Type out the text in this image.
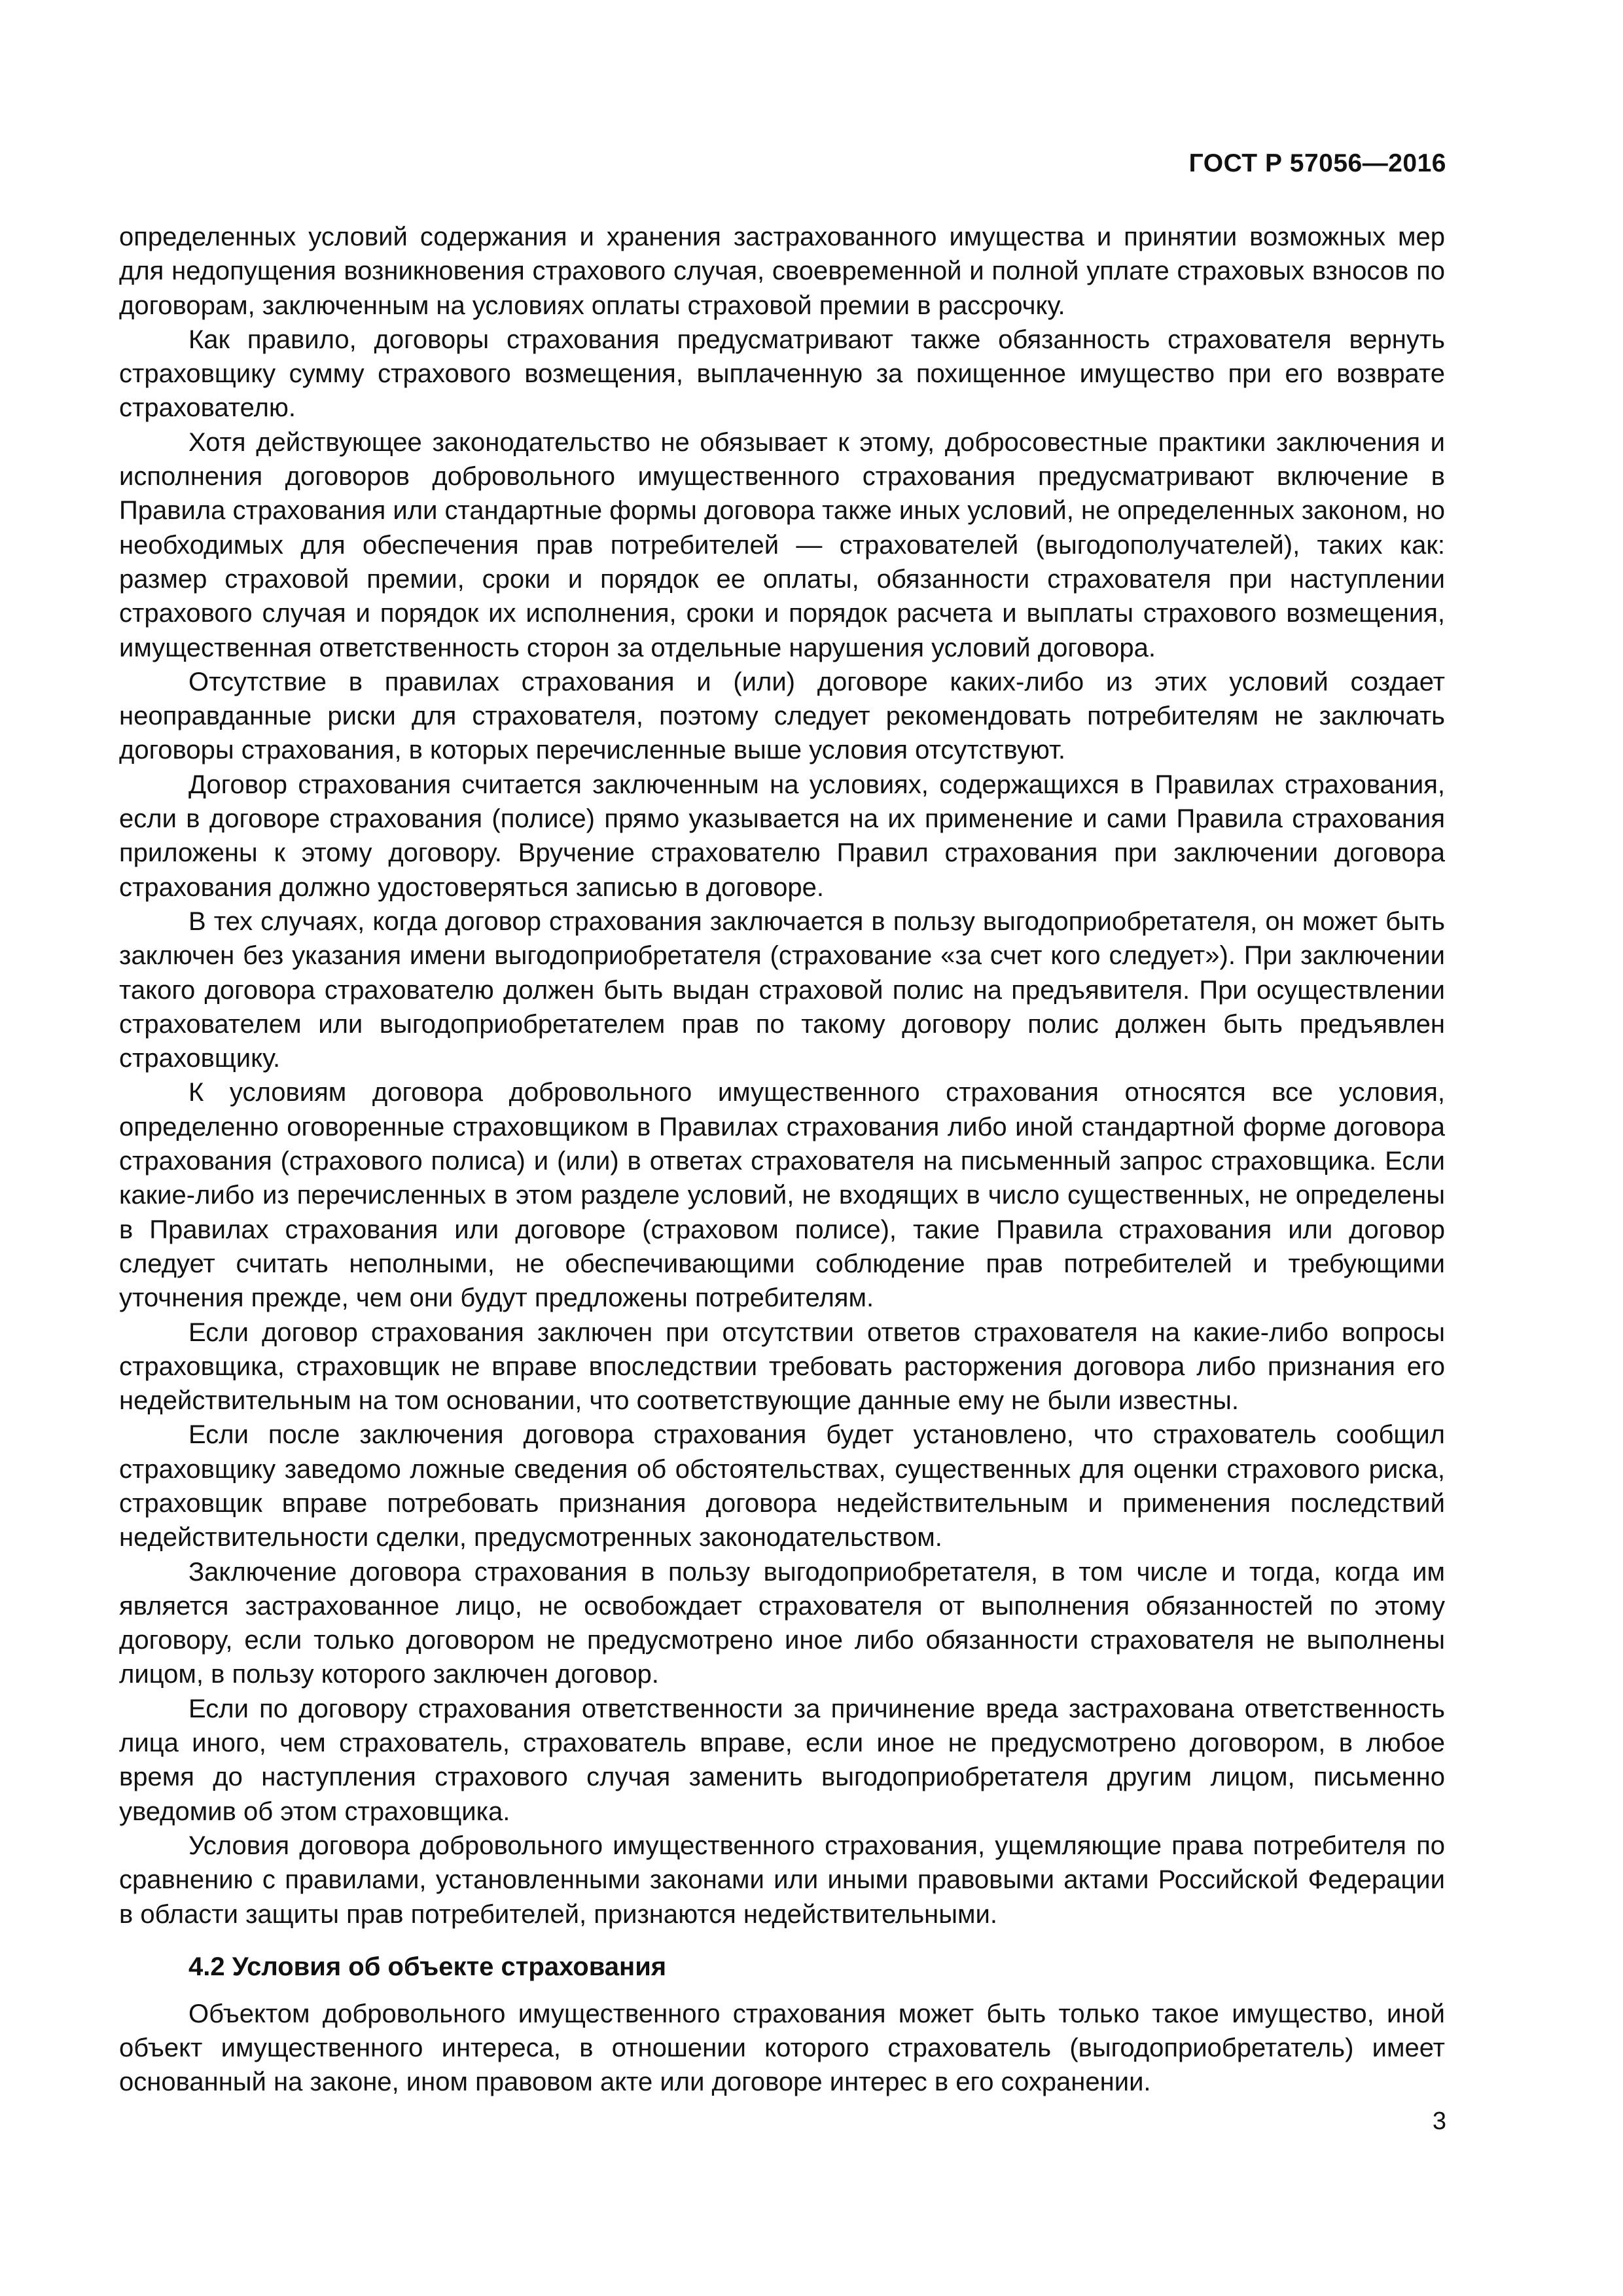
ГОСТ Р 57056—2016

определенных условий содержания и хранения застрахованного имущества и принятии возможных мер для недопущения возникновения страхового случая, своевременной и полной уплате страховых взносов по договорам, заключенным на условиях оплаты страховой премии в рассрочку.

Как правило, договоры страхования предусматривают также обязанность страхователя вернуть страховщику сумму страхового возмещения, выплаченную за похищенное имущество при его возврате страхователю.

Хотя действующее законодательство не обязывает к этому, добросовестные практики заключения и исполнения договоров добровольного имущественного страхования предусматривают включение в Правила страхования или стандартные формы договора также иных условий, не определенных законом, но необходимых для обеспечения прав потребителей — страхователей (выгодополучателей), таких как: размер страховой премии, сроки и порядок ее оплаты, обязанности страхователя при наступлении страхового случая и порядок их исполнения, сроки и порядок расчета и выплаты страхового возмещения, имущественная ответственность сторон за отдельные нарушения условий договора.

Отсутствие в правилах страхования и (или) договоре каких-либо из этих условий создает неоправданные риски для страхователя, поэтому следует рекомендовать потребителям не заключать договоры страхования, в которых перечисленные выше условия отсутствуют.

Договор страхования считается заключенным на условиях, содержащихся в Правилах страхования, если в договоре страхования (полисе) прямо указывается на их применение и сами Правила страхования приложены к этому договору. Вручение страхователю Правил страхования при заключении договора страхования должно удостоверяться записью в договоре.

В тех случаях, когда договор страхования заключается в пользу выгодоприобретателя, он может быть заключен без указания имени выгодоприобретателя (страхование «за счет кого следует»). При заключении такого договора страхователю должен быть выдан страховой полис на предъявителя. При осуществлении страхователем или выгодоприобретателем прав по такому договору полис должен быть предъявлен страховщику.

К условиям договора добровольного имущественного страхования относятся все условия, определенно оговоренные страховщиком в Правилах страхования либо иной стандартной форме договора страхования (страхового полиса) и (или) в ответах страхователя на письменный запрос страховщика. Если какие-либо из перечисленных в этом разделе условий, не входящих в число существенных, не определены в Правилах страхования или договоре (страховом полисе), такие Правила страхования или договор следует считать неполными, не обеспечивающими соблюдение прав потребителей и требующими уточнения прежде, чем они будут предложены потребителям.

Если договор страхования заключен при отсутствии ответов страхователя на какие-либо вопросы страховщика, страховщик не вправе впоследствии требовать расторжения договора либо признания его недействительным на том основании, что соответствующие данные ему не были известны.

Если после заключения договора страхования будет установлено, что страхователь сообщил страховщику заведомо ложные сведения об обстоятельствах, существенных для оценки страхового риска, страховщик вправе потребовать признания договора недействительным и применения последствий недействительности сделки, предусмотренных законодательством.

Заключение договора страхования в пользу выгодоприобретателя, в том числе и тогда, когда им является застрахованное лицо, не освобождает страхователя от выполнения обязанностей по этому договору, если только договором не предусмотрено иное либо обязанности страхователя не выполнены лицом, в пользу которого заключен договор.

Если по договору страхования ответственности за причинение вреда застрахована ответственность лица иного, чем страхователь, страхователь вправе, если иное не предусмотрено договором, в любое время до наступления страхового случая заменить выгодоприобретателя другим лицом, письменно уведомив об этом страховщика.

Условия договора добровольного имущественного страхования, ущемляющие права потребителя по сравнению с правилами, установленными законами или иными правовыми актами Российской Федерации в области защиты прав потребителей, признаются недействительными.

4.2 Условия об объекте страхования

Объектом добровольного имущественного страхования может быть только такое имущество, иной объект имущественного интереса, в отношении которого страхователь (выгодоприобретатель) имеет основанный на законе, ином правовом акте или договоре интерес в его сохранении.

3
